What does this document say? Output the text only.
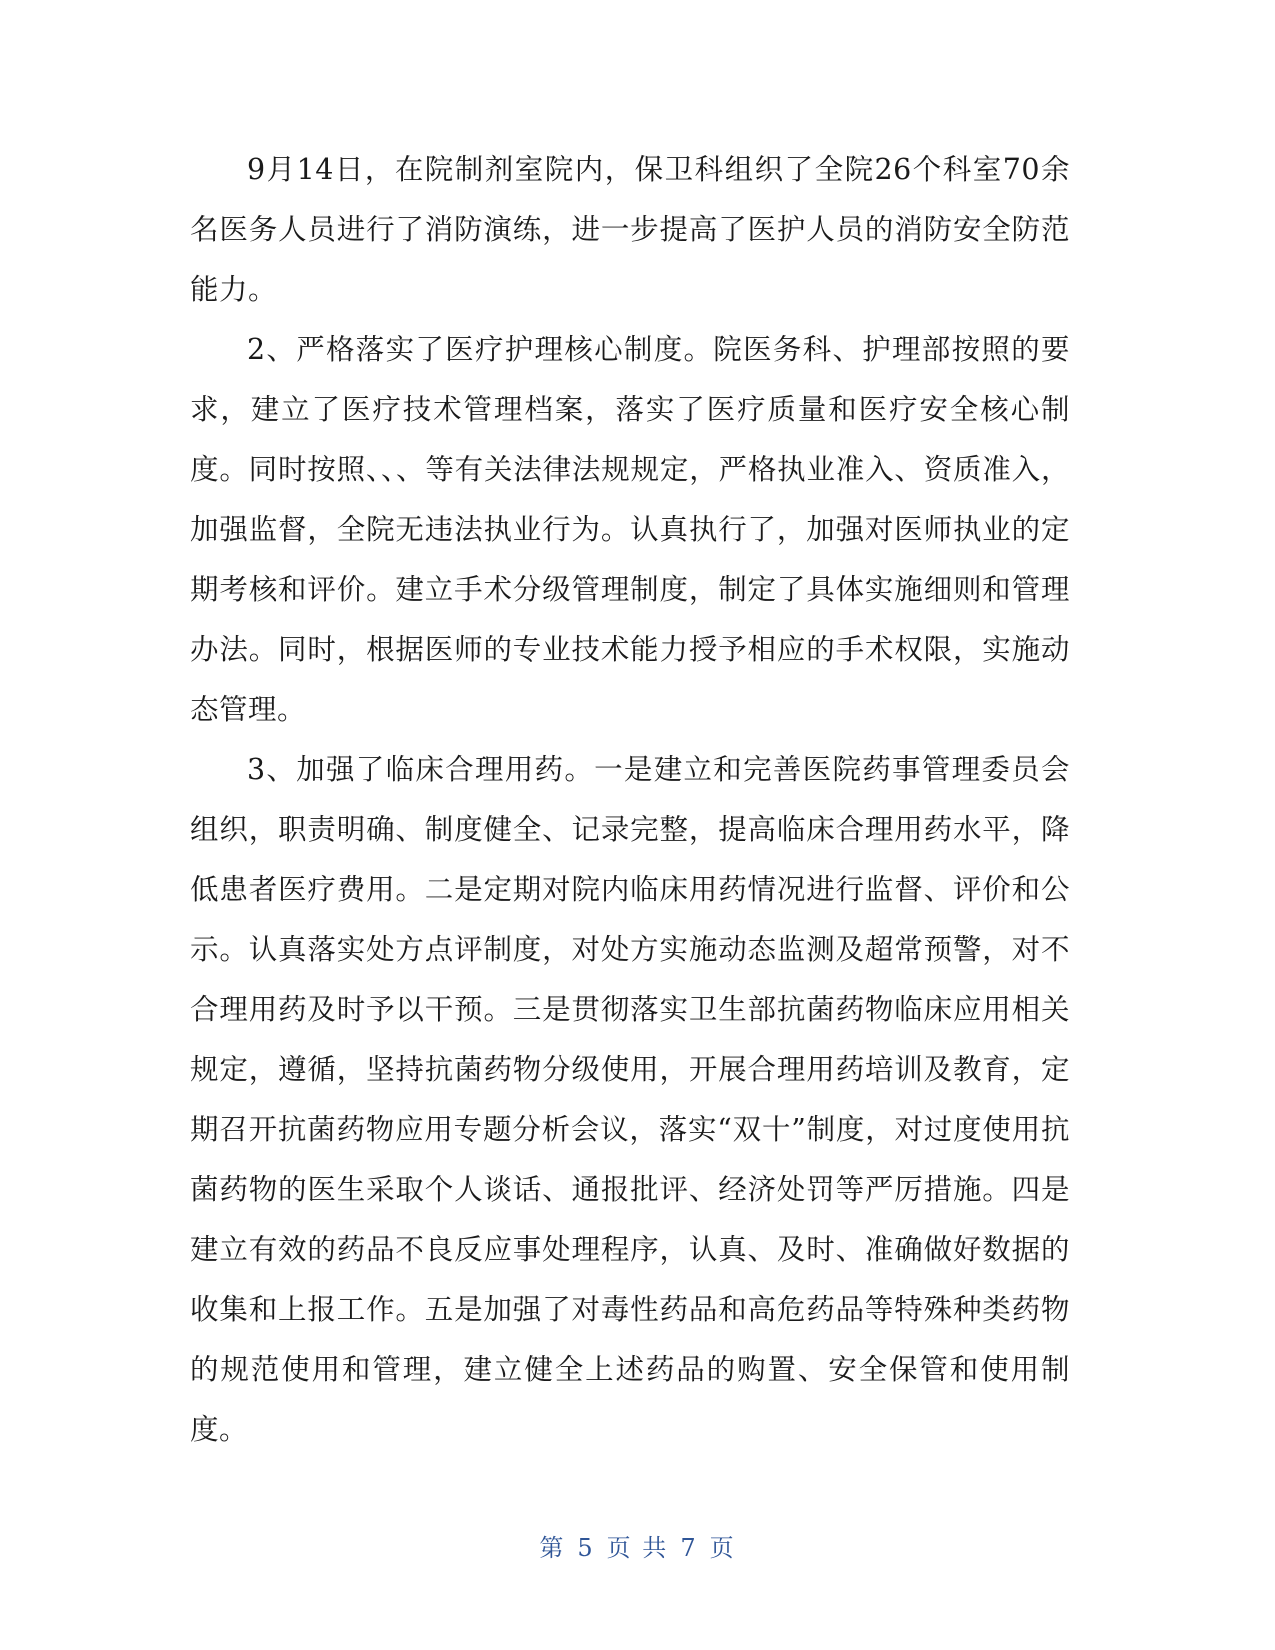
9月14日，在院制剂室院内，保卫科组织了全院26个科室70余名医务人员进行了消防演练，进一步提高了医护人员的消防安全防范能力。

2、严格落实了医疗护理核心制度。院医务科、护理部按照的要求，建立了医疗技术管理档案，落实了医疗质量和医疗安全核心制度。同时按照、、、等有关法律法规规定，严格执业准入、资质准入，加强监督，全院无违法执业行为。认真执行了，加强对医师执业的定期考核和评价。建立手术分级管理制度，制定了具体实施细则和管理办法。同时，根据医师的专业技术能力授予相应的手术权限，实施动态管理。

3、加强了临床合理用药。一是建立和完善医院药事管理委员会组织，职责明确、制度健全、记录完整，提高临床合理用药水平，降低患者医疗费用。二是定期对院内临床用药情况进行监督、评价和公示。认真落实处方点评制度，对处方实施动态监测及超常预警，对不合理用药及时予以干预。三是贯彻落实卫生部抗菌药物临床应用相关规定，遵循，坚持抗菌药物分级使用，开展合理用药培训及教育，定期召开抗菌药物应用专题分析会议，落实“双十”制度，对过度使用抗菌药物的医生采取个人谈话、通报批评、经济处罚等严厉措施。四是建立有效的药品不良反应事处理程序，认真、及时、准确做好数据的收集和上报工作。五是加强了对毒性药品和高危药品等特殊种类药物的规范使用和管理，建立健全上述药品的购置、安全保管和使用制度。

第 5 页 共 7 页
